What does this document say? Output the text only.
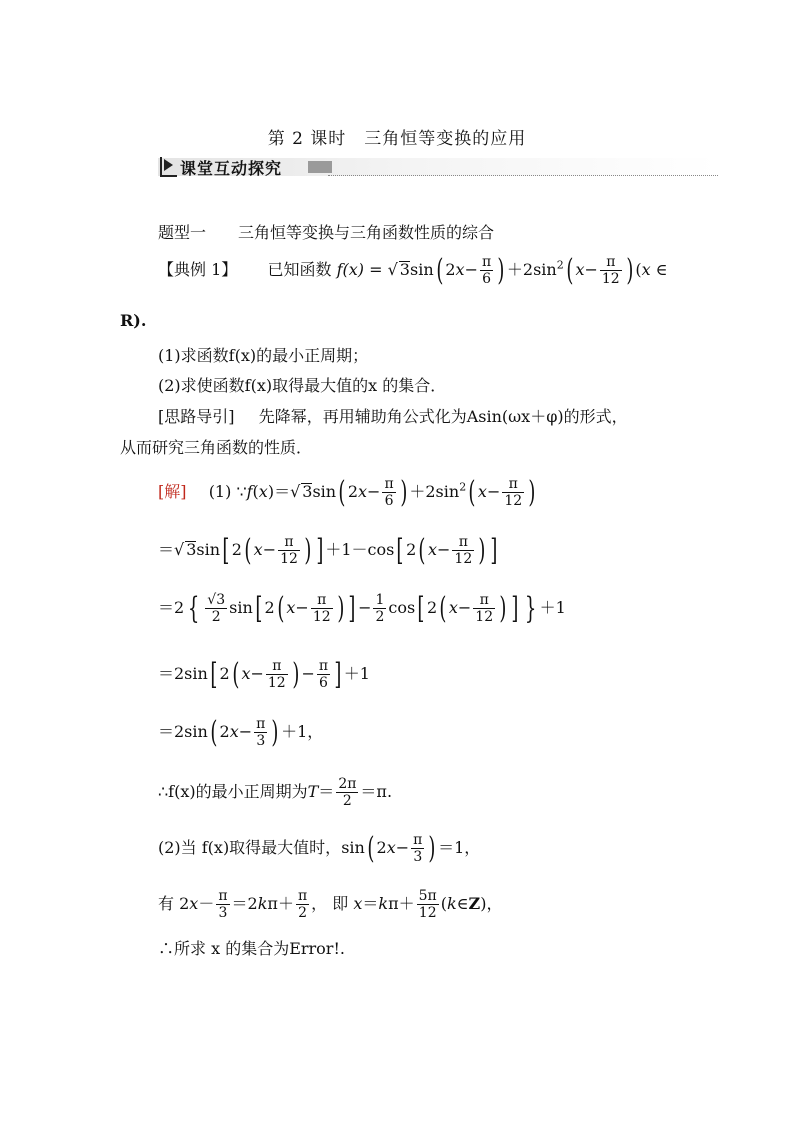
第 2 课时　三角恒等变换的应用
课堂互动探究
题型一　　三角恒等变换与三角函数性质的综合
【典例 1】 已知函数 f(x) = √ 3sin( $2x- \frac{\pi}{6}$ ) $+2\sin^2$( $x- \frac{\pi}{12}$ ) (x ∈
R).
(1)求函数f(x)的最小正周期；
(2)求使函数f(x)取得最大值的x 的集合．
[思路导引] 先降幂，再用辅助角公式化为Asin(ωx＋φ)的形式，
从而研究三角函数的性质．
[解] (1) ∵f(x)＝√ 3sin( $2x- \frac{\pi}{6}$ ) $+2\sin^2$( $x- \frac{\pi}{12}$ )
＝√ 3sin[ 2( $x- \frac{\pi}{12}$ ) ] ＋1－cos[ 2( $x- \frac{\pi}{12}$ ) ]
＝2 { $\frac{√3}{2} \sin$[ 2( $x- \frac{\pi}{12}$ ) ] − $\frac{1}{2} \cos$[ 2( $x- \frac{\pi}{12}$ ) ] } ＋1
＝2sin[ 2( $x- \frac{\pi}{12}$ ) − $\frac{\pi}{6}$ ] ＋1
＝2sin( $2x- \frac{\pi}{3}$ ) ＋1，
∴f(x)的最小正周期为$T= \frac{2\pi}{2} =\pi$.
(2)当 f(x)取得最大值时，sin( $2x- \frac{\pi}{3}$ ) ＝1，
有 $2x- \frac{\pi}{3} =2k\pi+ \frac{\pi}{2}$ ， 即 $x=k\pi+ \frac{5\pi}{12}$ (k∈Z)，
∴所求 x 的集合为Error!.
